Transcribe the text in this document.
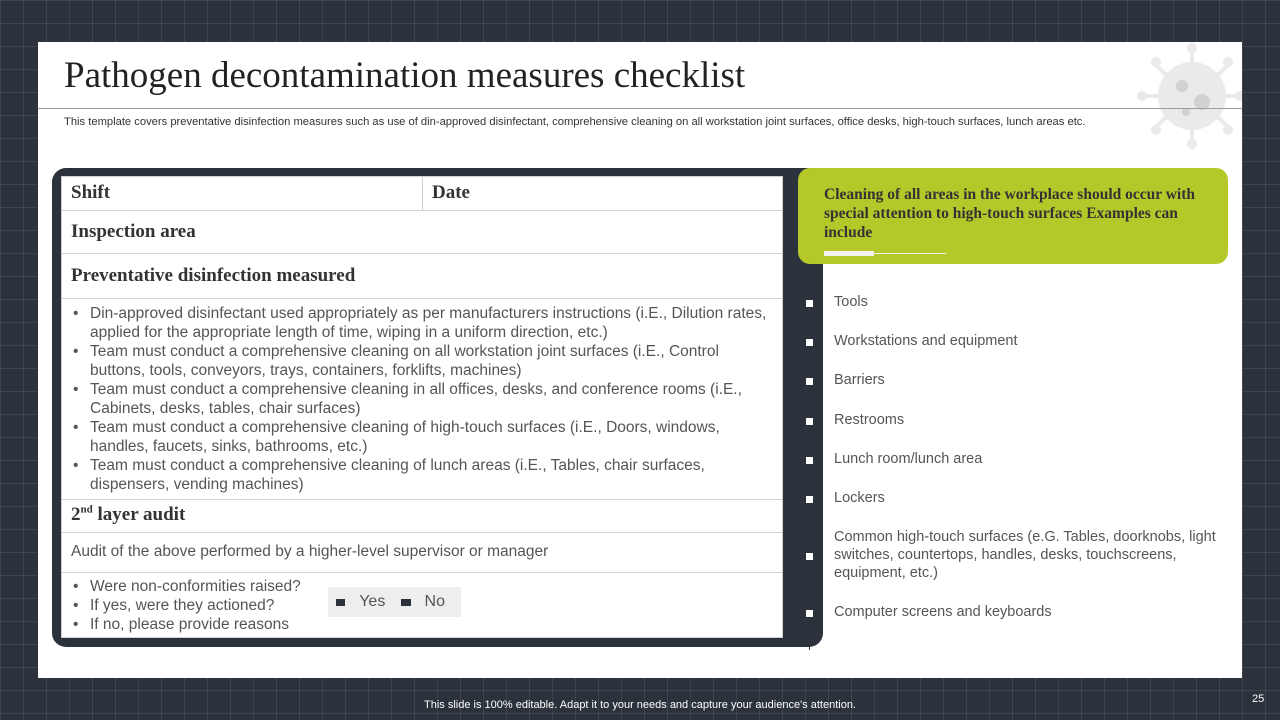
Pathogen decontamination measures checklist
This template covers preventative disinfection measures such as use of din-approved disinfectant, comprehensive cleaning on all workstation joint surfaces, office desks, high-touch surfaces, lunch areas etc.
Shift	Date
Inspection area
Preventative disinfection measured
• Din-approved disinfectant used appropriately as per manufacturers instructions (i.E., Dilution rates, applied for the appropriate length of time, wiping in a uniform direction, etc.)
• Team must conduct a comprehensive cleaning on all workstation joint surfaces (i.E., Control buttons, tools, conveyors, trays, containers, forklifts, machines)
• Team must conduct a comprehensive cleaning in all offices, desks, and conference rooms (i.E., Cabinets, desks, tables, chair surfaces)
• Team must conduct a comprehensive cleaning of high-touch surfaces (i.E., Doors, windows, handles, faucets, sinks, bathrooms, etc.)
• Team must conduct a comprehensive cleaning of lunch areas (i.E., Tables, chair surfaces, dispensers, vending machines)
2nd layer audit
Audit of the above performed by a higher-level supervisor or manager
• Were non-conformities raised?
• If yes, were they actioned?
• If no, please provide reasons
Yes No
Cleaning of all areas in the workplace should occur with special attention to high-touch surfaces Examples can include
Tools
Workstations and equipment
Barriers
Restrooms
Lunch room/lunch area
Lockers
Common high-touch surfaces (e.G. Tables, doorknobs, light switches, countertops, handles, desks, touchscreens, equipment, etc.)
Computer screens and keyboards
This slide is 100% editable. Adapt it to your needs and capture your audience's attention.	25
